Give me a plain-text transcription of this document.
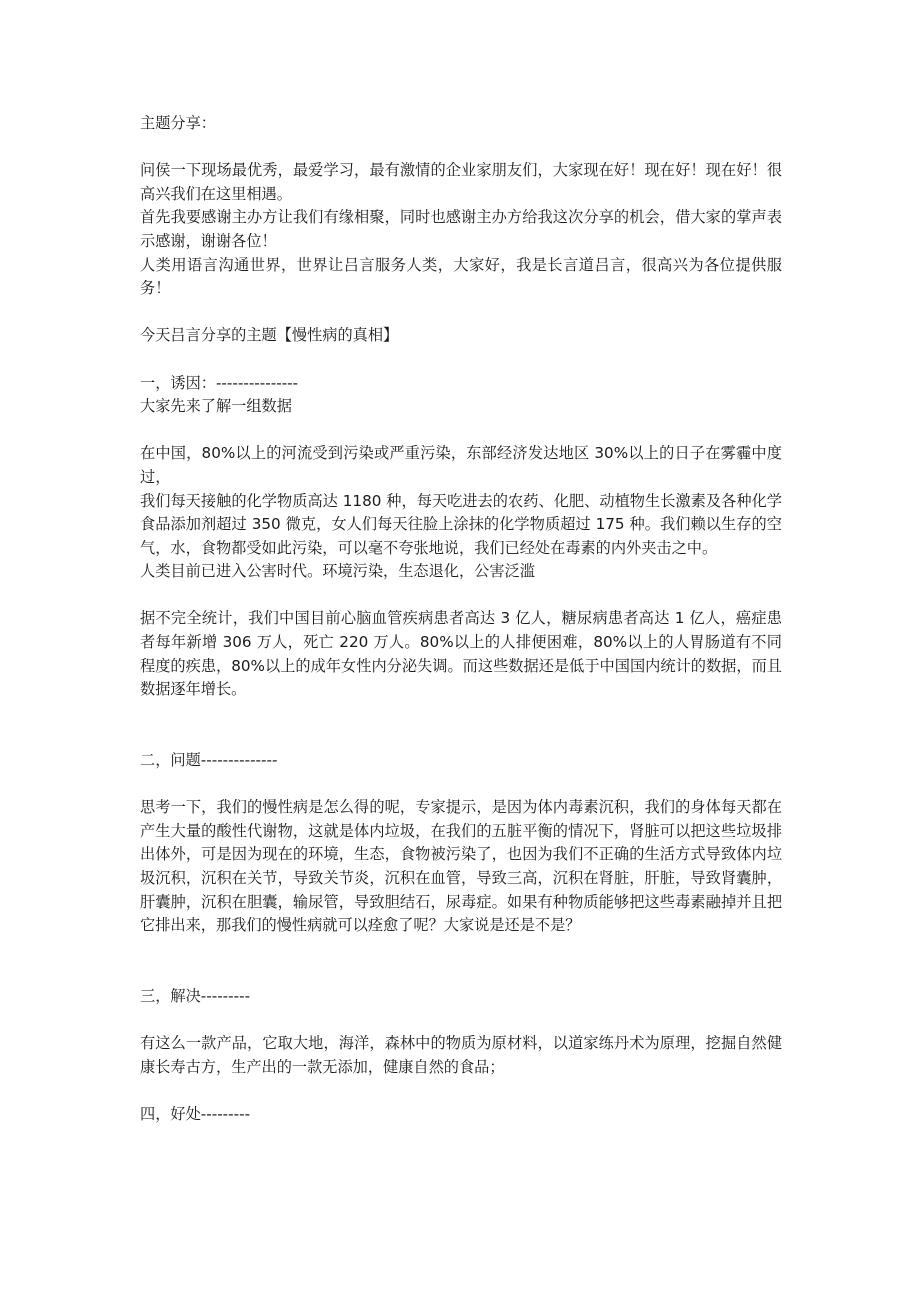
主题分享：

问侯一下现场最优秀，最爱学习，最有激情的企业家朋友们，大家现在好！现在好！现在好！很高兴我们在这里相遇。

首先我要感谢主办方让我们有缘相聚，同时也感谢主办方给我这次分享的机会，借大家的掌声表示感谢，谢谢各位！

人类用语言沟通世界，世界让吕言服务人类，大家好，我是长言道吕言，很高兴为各位提供服务！

今天吕言分享的主题【慢性病的真相】

一，诱因：---------------

大家先来了解一组数据

在中国，80%以上的河流受到污染或严重污染，东部经济发达地区 30%以上的日子在雾霾中度过，

我们每天接触的化学物质高达 1180 种，每天吃进去的农药、化肥、动植物生长激素及各种化学食品添加剂超过 350 微克，女人们每天往脸上涂抹的化学物质超过 175 种。我们赖以生存的空气，水，食物都受如此污染，可以毫不夸张地说，我们已经处在毒素的内外夹击之中。

人类目前已进入公害时代。环境污染，生态退化，公害泛滥

据不完全统计，我们中国目前心脑血管疾病患者高达 3 亿人，糖尿病患者高达 1 亿人，癌症患者每年新增 306 万人，死亡 220 万人。80%以上的人排便困难，80%以上的人胃肠道有不同程度的疾患，80%以上的成年女性内分泌失调。而这些数据还是低于中国国内统计的数据，而且数据逐年增长。

二，问题--------------

思考一下，我们的慢性病是怎么得的呢，专家提示，是因为体内毒素沉积，我们的身体每天都在产生大量的酸性代谢物，这就是体内垃圾，在我们的五脏平衡的情况下，肾脏可以把这些垃圾排出体外，可是因为现在的环境，生态，食物被污染了，也因为我们不正确的生活方式导致体内垃圾沉积，沉积在关节，导致关节炎，沉积在血管，导致三高，沉积在肾脏，肝脏，导致肾囊肿，肝囊肿，沉积在胆囊，输尿管，导致胆结石，尿毒症。如果有种物质能够把这些毒素融掉并且把它排出来，那我们的慢性病就可以痊愈了呢？大家说是还是不是？

三，解决---------

有这么一款产品，它取大地，海洋，森林中的物质为原材料，以道家练丹术为原理，挖掘自然健康长寿古方，生产出的一款无添加，健康自然的食品；

四，好处---------
